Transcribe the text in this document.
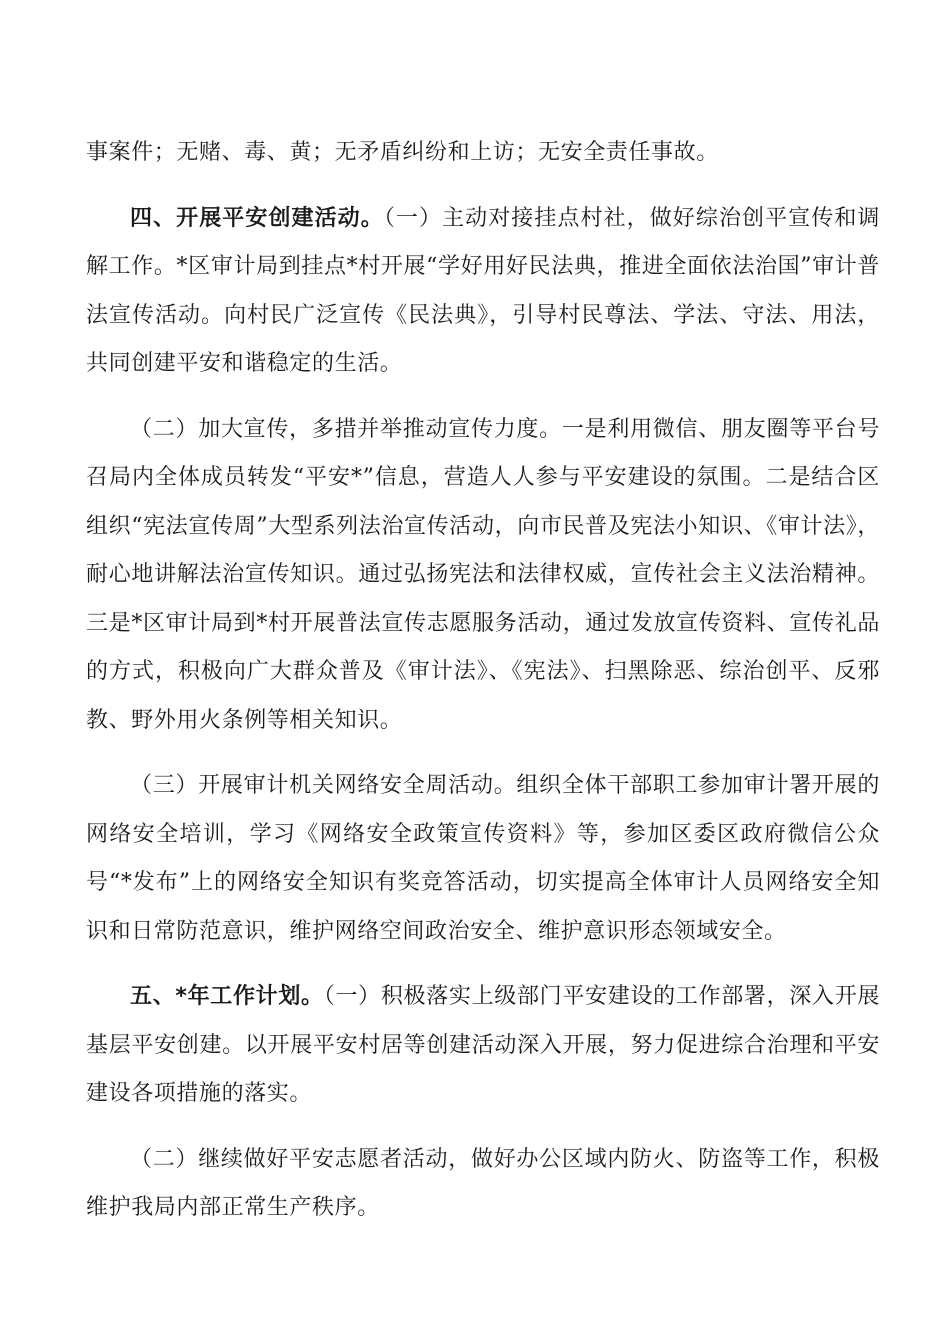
事案件；无赌、毒、黄；无矛盾纠纷和上访；无安全责任事故。

四、开展平安创建活动。（一）主动对接挂点村社，做好综治创平宣传和调解工作。*区审计局到挂点*村开展“学好用好民法典，推进全面依法治国”审计普法宣传活动。向村民广泛宣传《民法典》，引导村民尊法、学法、守法、用法，共同创建平安和谐稳定的生活。

（二）加大宣传，多措并举推动宣传力度。一是利用微信、朋友圈等平台号召局内全体成员转发“平安*”信息，营造人人参与平安建设的氛围。二是结合区组织“宪法宣传周”大型系列法治宣传活动，向市民普及宪法小知识、《审计法》，耐心地讲解法治宣传知识。通过弘扬宪法和法律权威，宣传社会主义法治精神。三是*区审计局到*村开展普法宣传志愿服务活动，通过发放宣传资料、宣传礼品的方式，积极向广大群众普及《审计法》、《宪法》、扫黑除恶、综治创平、反邪教、野外用火条例等相关知识。

（三）开展审计机关网络安全周活动。组织全体干部职工参加审计署开展的网络安全培训，学习《网络安全政策宣传资料》等，参加区委区政府微信公众号“*发布”上的网络安全知识有奖竞答活动，切实提高全体审计人员网络安全知识和日常防范意识，维护网络空间政治安全、维护意识形态领域安全。

五、*年工作计划。（一）积极落实上级部门平安建设的工作部署，深入开展基层平安创建。以开展平安村居等创建活动深入开展，努力促进综合治理和平安建设各项措施的落实。

（二）继续做好平安志愿者活动，做好办公区域内防火、防盗等工作，积极维护我局内部正常生产秩序。
